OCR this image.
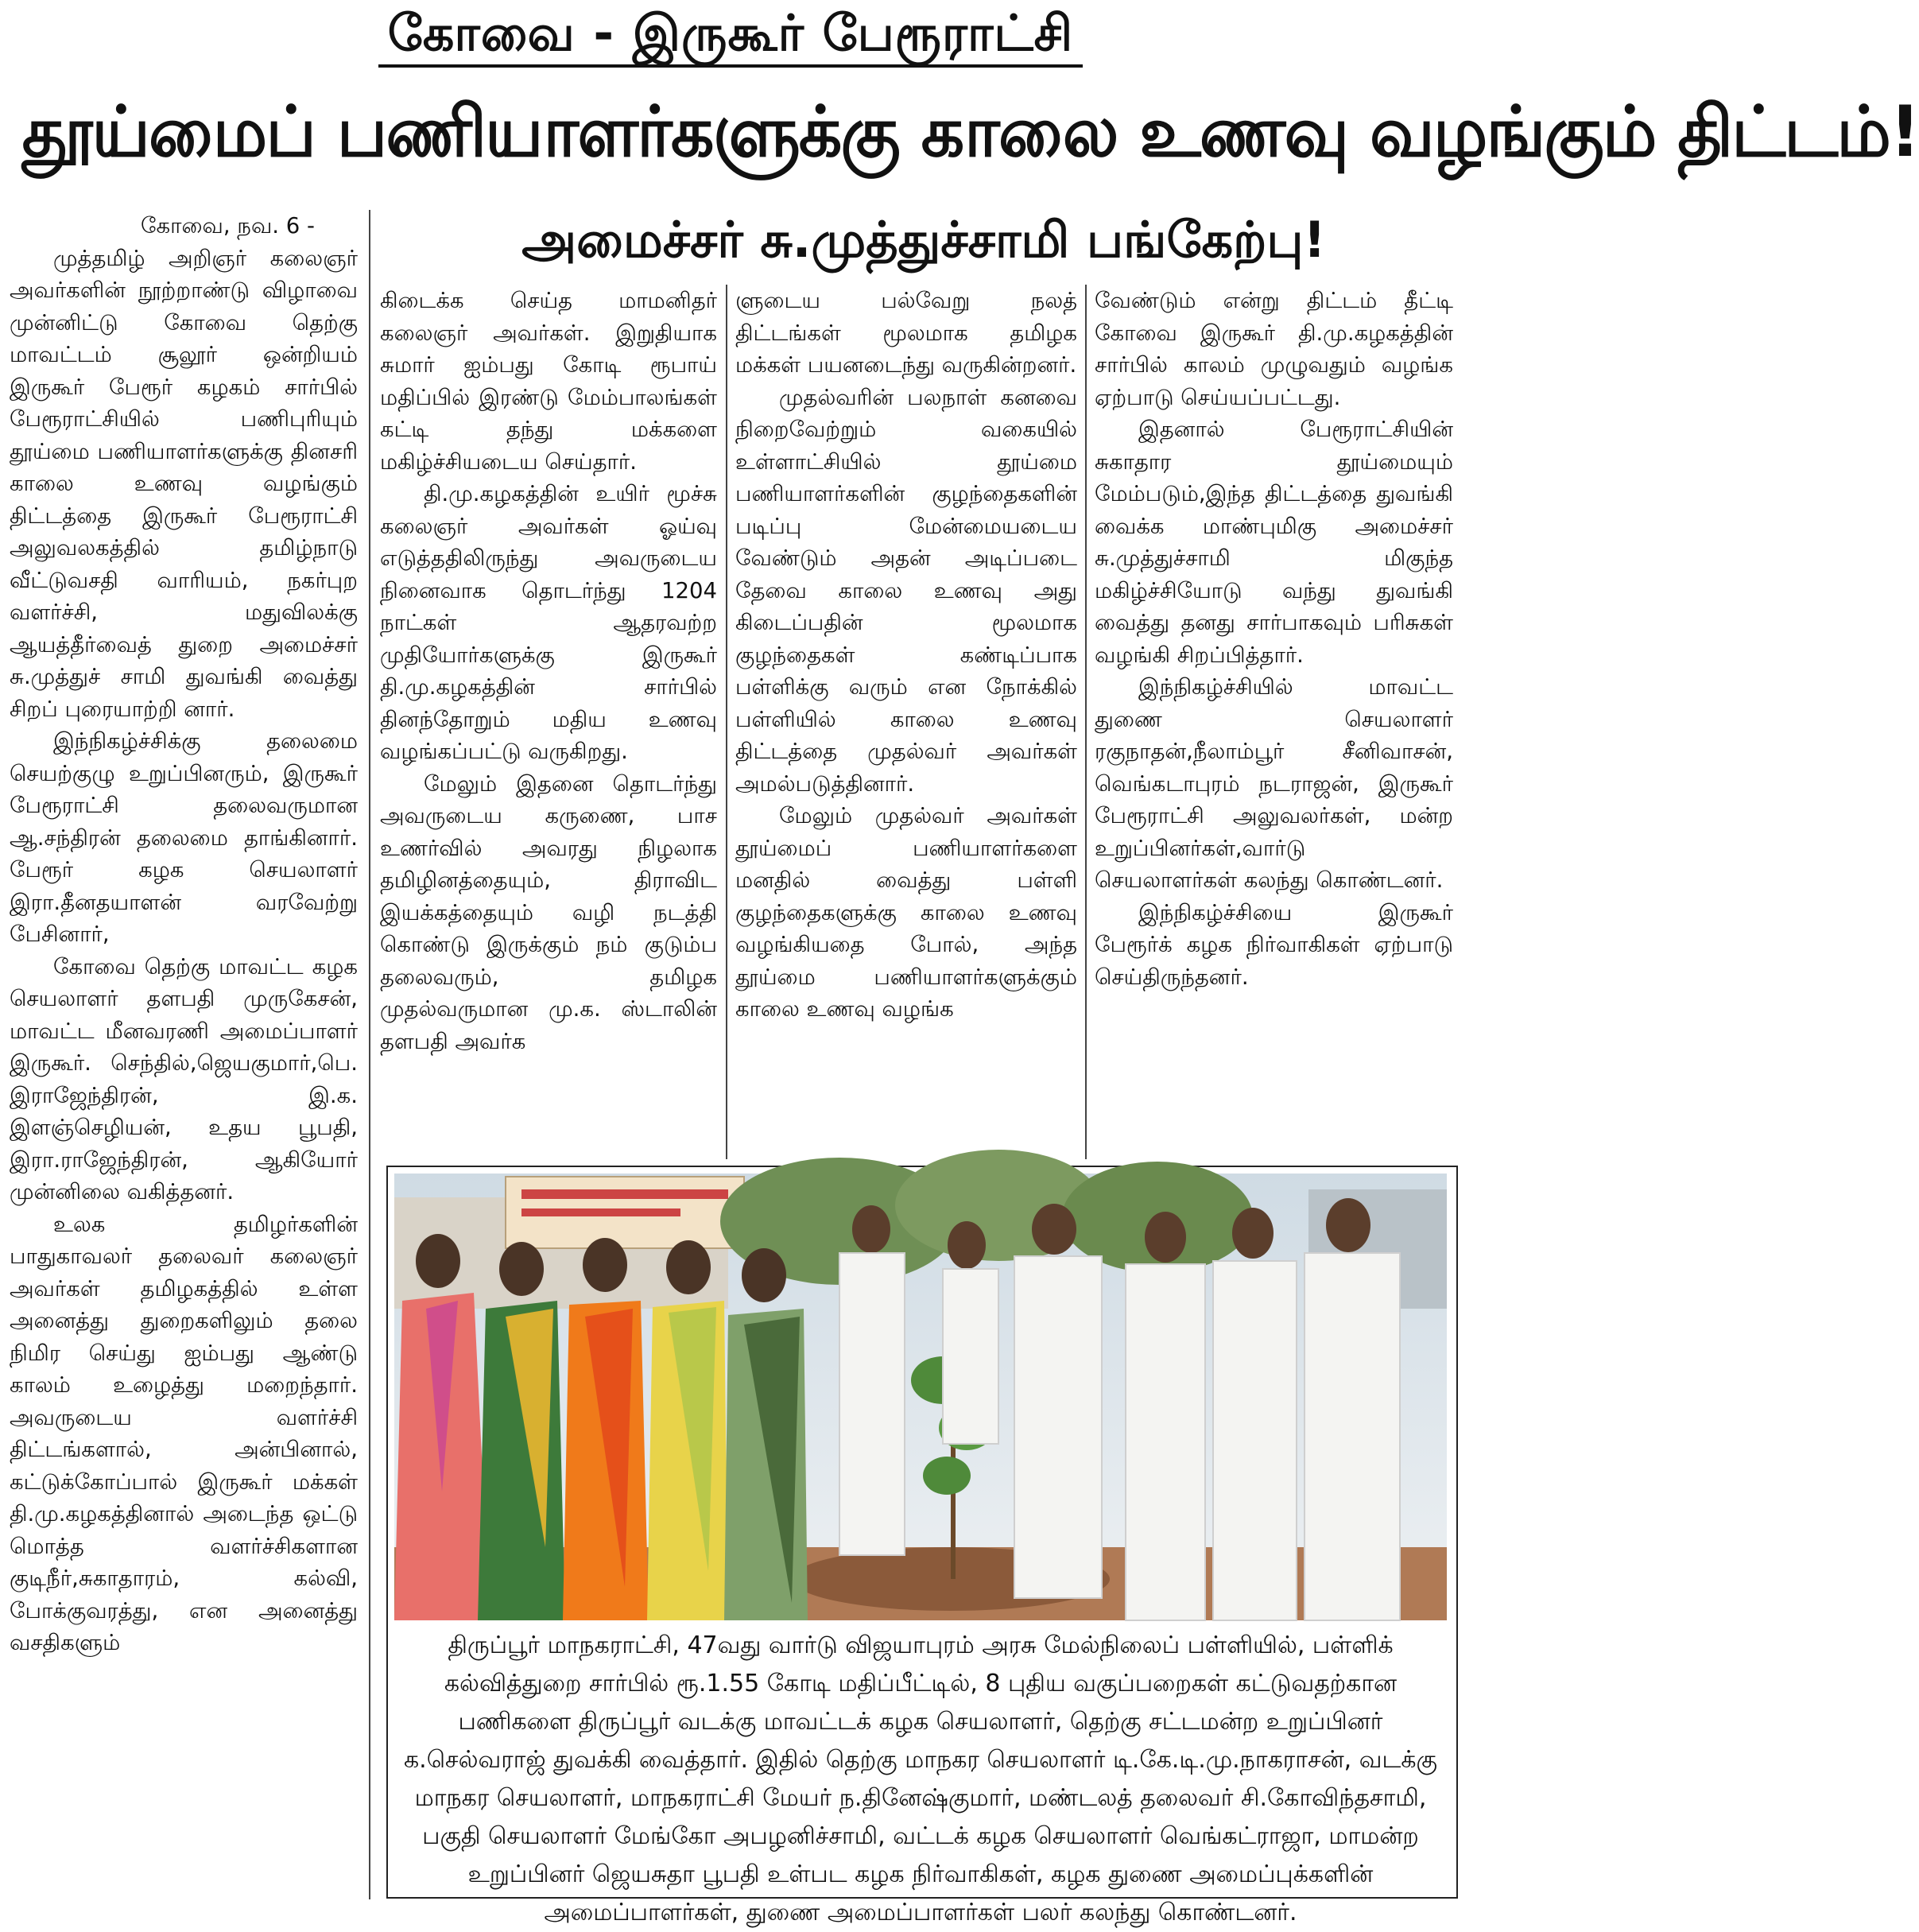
கோவை - இருகூர் பேரூராட்சி
தூய்மைப் பணியாளர்களுக்கு காலை உணவு வழங்கும் திட்டம்!
அமைச்சர் சு.முத்துச்சாமி பங்கேற்பு!

கோவை, நவ. 6 -

முத்தமிழ் அறிஞர் கலைஞர் அவர்களின் நூற்றாண்டு விழாவை முன்னிட்டு கோவை தெற்கு மாவட்டம் சூலூர் ஒன்றியம் இருகூர் பேரூர் கழகம் சார்பில் பேரூராட்சியில் பணிபுரியும் தூய்மை பணியாளர்களுக்கு தினசரி காலை உணவு வழங்கும் திட்டத்தை இருகூர் பேரூராட்சி அலுவலகத்தில் தமிழ்நாடு வீட்டுவசதி வாரியம், நகர்புற வளர்ச்சி, மதுவிலக்கு ஆயத்தீர்வைத் துறை அமைச்சர் சு.முத்துச் சாமி துவங்கி வைத்து சிறப் புரையாற்றி னார்.

இந்நிகழ்ச்சிக்கு தலைமை செயற்குழு உறுப்பினரும், இருகூர் பேரூராட்சி தலைவருமான ஆ.சந்திரன் தலைமை தாங்கினார். பேரூர் கழக செயலாளர் இரா.தீனதயாளன் வரவேற்று பேசினார்,

கோவை தெற்கு மாவட்ட கழக செயலாளர் தளபதி முருகேசன், மாவட்ட மீனவரணி அமைப்பாளர் இருகூர். செந்தில்,ஜெயகுமார்,பெ. இராஜேந்திரன், இ.க. இளஞ்செழியன், உதய பூபதி, இரா.ராஜேந்திரன், ஆகியோர் முன்னிலை வகித்தனர்.

உலக தமிழர்களின் பாதுகாவலர் தலைவர் கலைஞர் அவர்கள் தமிழகத்தில் உள்ள அனைத்து துறைகளிலும் தலை நிமிர செய்து ஐம்பது ஆண்டு காலம் உழைத்து மறைந்தார். அவருடைய வளர்ச்சி திட்டங்களால், அன்பினால், கட்டுக்கோப்பால் இருகூர் மக்கள் தி.மு.கழகத்தினால் அடைந்த ஒட்டு மொத்த வளர்ச்சிகளான குடிநீர்,சுகாதாரம், கல்வி, போக்குவரத்து, என அனைத்து வசதிகளும்

கிடைக்க செய்த மாமனிதர் கலைஞர் அவர்கள். இறுதியாக சுமார் ஐம்பது கோடி ரூபாய் மதிப்பில் இரண்டு மேம்பாலங்கள் கட்டி தந்து மக்களை மகிழ்ச்சியடைய செய்தார்.

தி.மு.கழகத்தின் உயிர் மூச்சு கலைஞர் அவர்கள் ஓய்வு எடுத்ததிலிருந்து அவருடைய நினைவாக தொடர்ந்து 1204 நாட்கள் ஆதரவற்ற முதியோர்களுக்கு இருகூர் தி.மு.கழகத்தின் சார்பில் தினந்தோறும் மதிய உணவு வழங்கப்பட்டு வருகிறது.

மேலும் இதனை தொடர்ந்து அவருடைய கருணை, பாச உணர்வில் அவரது நிழலாக தமிழினத்தையும், திராவிட இயக்கத்தையும் வழி நடத்தி கொண்டு இருக்கும் நம் குடும்ப தலைவரும், தமிழக முதல்வருமான மு.க. ஸ்டாலின் தளபதி அவர்க

ளுடைய பல்வேறு நலத் திட்டங்கள் மூலமாக தமிழக மக்கள் பயனடைந்து வருகின்றனர்.

முதல்வரின் பலநாள் கனவை நிறைவேற்றும் வகையில் உள்ளாட்சியில் தூய்மை பணியாளர்களின் குழந்தைகளின் படிப்பு மேன்மையடைய வேண்டும் அதன் அடிப்படை தேவை காலை உணவு அது கிடைப்பதின் மூலமாக குழந்தைகள் கண்டிப்பாக பள்ளிக்கு வரும் என நோக்கில் பள்ளியில் காலை உணவு திட்டத்தை முதல்வர் அவர்கள் அமல்படுத்தினார்.

மேலும் முதல்வர் அவர்கள் தூய்மைப் பணியாளர்களை மனதில் வைத்து பள்ளி குழந்தைகளுக்கு காலை உணவு வழங்கியதை போல், அந்த தூய்மை பணியாளர்களுக்கும் காலை உணவு வழங்க

வேண்டும் என்று திட்டம் தீட்டி கோவை இருகூர் தி.மு.கழகத்தின் சார்பில் காலம் முழுவதும் வழங்க ஏற்பாடு செய்யப்பட்டது.

இதனால் பேரூராட்சியின் சுகாதார தூய்மையும் மேம்படும்,இந்த திட்டத்தை துவங்கி வைக்க மாண்புமிகு அமைச்சர் சு.முத்துச்சாமி மிகுந்த மகிழ்ச்சியோடு வந்து துவங்கி வைத்து தனது சார்பாகவும் பரிசுகள் வழங்கி சிறப்பித்தார்.

இந்நிகழ்ச்சியில் மாவட்ட துணை செயலாளர் ரகுநாதன்,நீலாம்பூர் சீனிவாசன், வெங்கடாபுரம் நடராஜன், இருகூர் பேரூராட்சி அலுவலர்கள், மன்ற உறுப்பினர்கள்,வார்டு செயலாளர்கள் கலந்து கொண்டனர்.

இந்நிகழ்ச்சியை இருகூர் பேரூர்க் கழக நிர்வாகிகள் ஏற்பாடு செய்திருந்தனர்.

திருப்பூர் மாநகராட்சி, 47வது வார்டு விஜயாபுரம் அரசு மேல்நிலைப் பள்ளியில், பள்ளிக் கல்வித்துறை சார்பில் ரூ.1.55 கோடி மதிப்பீட்டில், 8 புதிய வகுப்பறைகள் கட்டுவதற்கான பணிகளை திருப்பூர் வடக்கு மாவட்டக் கழக செயலாளர், தெற்கு சட்டமன்ற உறுப்பினர் க.செல்வராஜ் துவக்கி வைத்தார். இதில் தெற்கு மாநகர செயலாளர் டி.கே.டி.மு.நாகராசன், வடக்கு மாநகர செயலாளர், மாநகராட்சி மேயர் ந.தினேஷ்குமார், மண்டலத் தலைவர் சி.கோவிந்தசாமி, பகுதி செயலாளர் மேங்கோ அபழனிச்சாமி, வட்டக் கழக செயலாளர் வெங்கட்ராஜா, மாமன்ற உறுப்பினர் ஜெயசுதா பூபதி உள்பட கழக நிர்வாகிகள், கழக துணை அமைப்புக்களின் அமைப்பாளர்கள், துணை அமைப்பாளர்கள் பலர் கலந்து கொண்டனர்.
